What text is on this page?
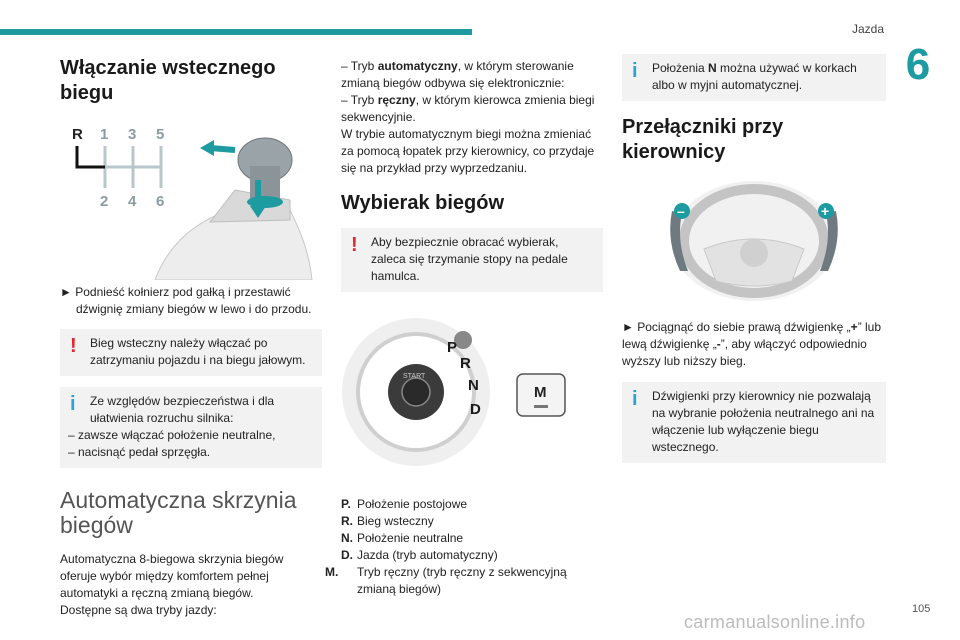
Jazda
6
Włączanie wstecznego biegu
R 1 3 5
2 4 6

► Podnieść kołnierz pod gałką i przestawić dźwignię zmiany biegów w lewo i do przodu.

! Bieg wsteczny należy włączać po zatrzymaniu pojazdu i na biegu jałowym.
i Ze względów bezpieczeństwa i dla ułatwienia rozruchu silnika:
– zawsze włączać położenie neutralne,
– nacisnąć pedał sprzęgła.
Automatyczna skrzynia biegów

Automatyczna 8-biegowa skrzynia biegów oferuje wybór między komfortem pełnej automatyki a ręczną zmianą biegów.

Dostępne są dwa tryby jazdy:

– Tryb automatyczny, w którym sterowanie zmianą biegów odbywa się elektronicznie:

– Tryb ręczny, w którym kierowca zmienia biegi sekwencyjnie.

W trybie automatycznym biegi można zmieniać za pomocą łopatek przy kierownicy, co przydaje się na przykład przy wyprzedzaniu.

Wybierak biegów
! Aby bezpiecznie obracać wybierak, zaleca się trzymanie stopy na pedale hamulca.
START
P
R
N
D
M
P. Położenie postojowe
R. Bieg wsteczny
N. Położenie neutralne
D. Jazda (tryb automatyczny)
M. Tryb ręczny (tryb ręczny z sekwencyjną zmianą biegów)
i Położenia N można używać w korkach albo w myjni automatycznej.
Przełączniki przy kierownicy
–	+

► Pociągnąć do siebie prawą dźwigienkę „+” lub lewą dźwigienkę „-”, aby włączyć odpowiednio wyższy lub niższy bieg.

i Dźwigienki przy kierownicy nie pozwalają na wybranie położenia neutralnego ani na włączenie lub wyłączenie biegu wstecznego.
carmanualsonline.info
105
